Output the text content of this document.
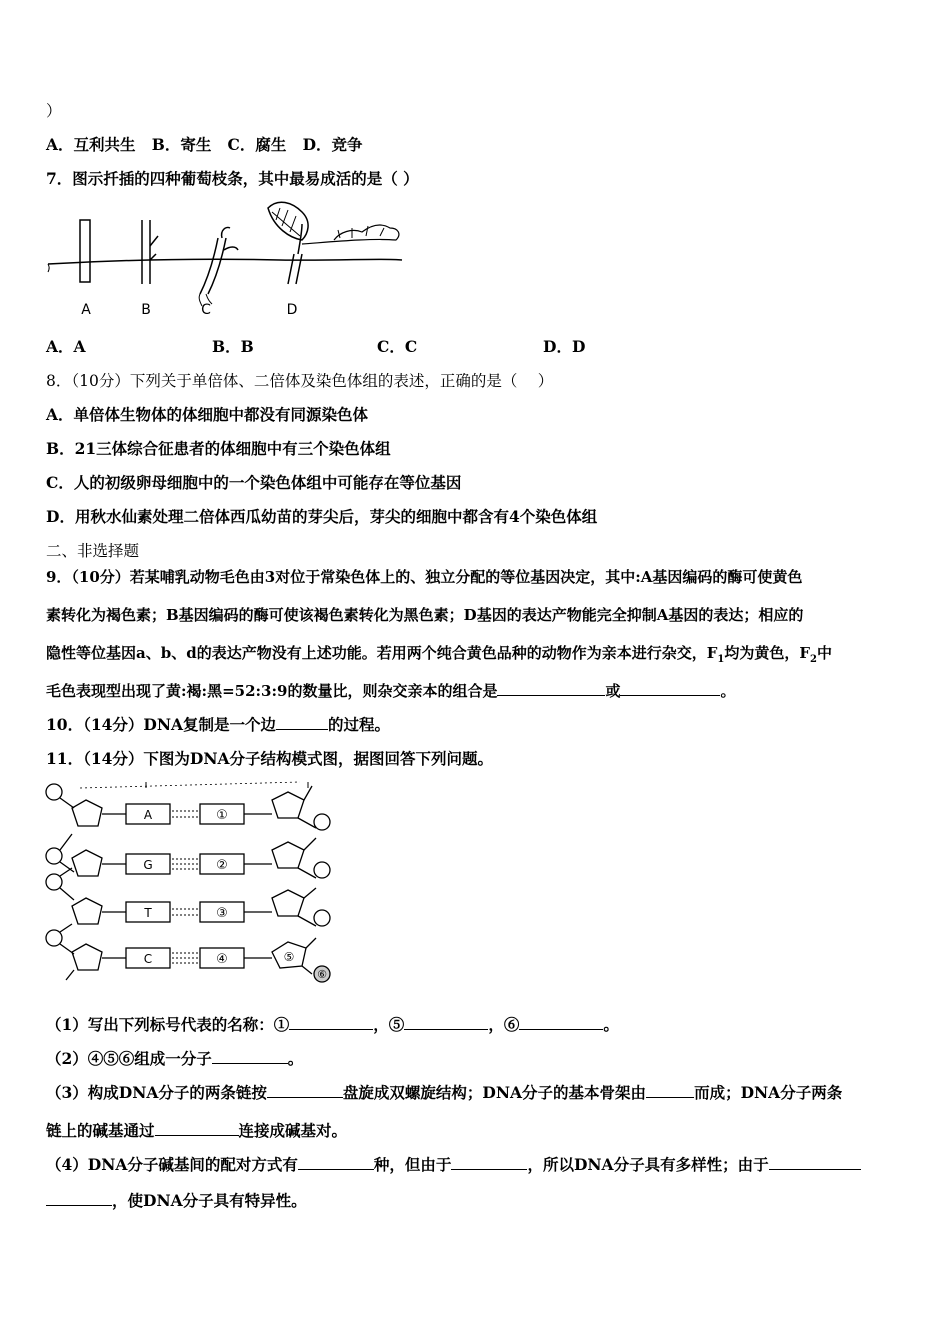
）
A．互利共生 B．寄生 C．腐生 D．竞争
7．图示扦插的四种葡萄枝条，其中最易成活的是（ ）
A	B	C	D
A．A	B．B	C．C	D．D
8．（10分）下列关于单倍体、二倍体及染色体组的表述，正确的是（　 ）
A．单倍体生物体的体细胞中都没有同源染色体
B．21三体综合征患者的体细胞中有三个染色体组
C．人的初级卵母细胞中的一个染色体组中可能存在等位基因
D．用秋水仙素处理二倍体西瓜幼苗的芽尖后，芽尖的细胞中都含有4个染色体组
二、非选择题
9．（10分）若某哺乳动物毛色由3对位于常染色体上的、独立分配的等位基因决定，其中:A基因编码的酶可使黄色
素转化为褐色素；B基因编码的酶可使该褐色素转化为黑色素；D基因的表达产物能完全抑制A基因的表达；相应的
隐性等位基因a、b、d的表达产物没有上述功能。若用两个纯合黄色品种的动物作为亲本进行杂交，$F_1$均为黄色，$F_2$中
毛色表现型出现了黄:褐:黑=52:3:9的数量比，则杂交亲本的组合是	或	。
10．（14分）DNA复制是一个边	的过程。
11．（14分）下图为DNA分子结构模式图，据图回答下列问题。
A
G
T
C
①
②
③
④	⑤
⑥
（1）写出下列标号代表的名称：①	，⑤	，⑥	。
（2）④⑤⑥组成一分子	。
（3）构成DNA分子的两条链按	盘旋成双螺旋结构；DNA分子的基本骨架由	而成；DNA分子两条
链上的碱基通过	连接成碱基对。
（4）DNA分子碱基间的配对方式有	种，但由于	，所以DNA分子具有多样性；由于
，使DNA分子具有特异性。
